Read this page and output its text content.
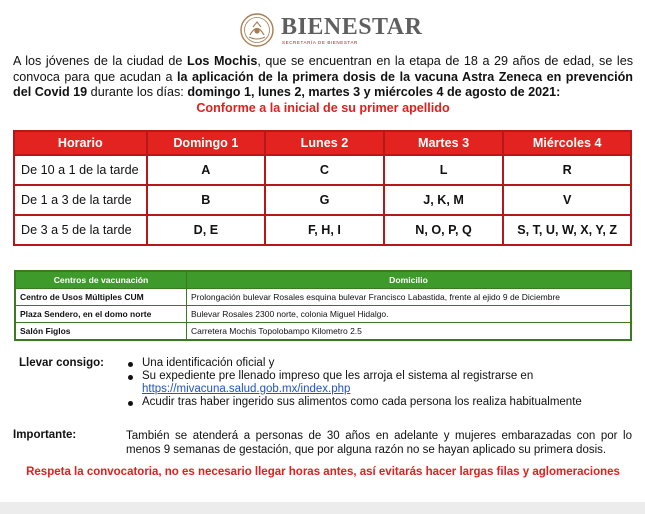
BIENESTAR
SECRETARÍA DE BIENESTAR
A los jóvenes de la ciudad de Los Mochis, que se encuentran en la etapa de 18 a 29 años de edad, se les convoca para que acudan a la aplicación de la primera dosis de la vacuna Astra Zeneca en prevención del Covid 19 durante los días: domingo 1, lunes 2, martes 3 y miércoles 4 de agosto de 2021:
Conforme a la inicial de su primer apellido
Horario	Domingo 1	Lunes 2	Martes 3	Miércoles 4
De 10 a 1 de la tarde	A	C	L	R
De 1 a 3 de la tarde	B	G	J, K, M	V
De 3 a 5 de la tarde	D, E	F, H, I	N, O, P, Q	S, T, U, W, X, Y, Z
Centros de vacunación	Domicilio
Centro de Usos Múltiples CUM	Prolongación bulevar Rosales esquina bulevar Francisco Labastida, frente al ejido 9 de Diciembre
Plaza Sendero, en el domo norte	Bulevar Rosales 2300 norte, colonia Miguel Hidalgo.
Salón Figlos	Carretera Mochis Topolobampo Kilometro 2.5
Llevar consigo:	Una identificación oficial y
Su expediente pre llenado impreso que les arroja el sistema al registrarse en
https://mivacuna.salud.gob.mx/index.php
Acudir tras haber ingerido sus alimentos como cada persona los realiza habitualmente
Importante:	También se atenderá a personas de 30 años en adelante y mujeres embarazadas con por lo menos 9 semanas de gestación, que por alguna razón no se hayan aplicado su primera dosis.
Respeta la convocatoria, no es necesario llegar horas antes, así evitarás hacer largas filas y aglomeraciones
